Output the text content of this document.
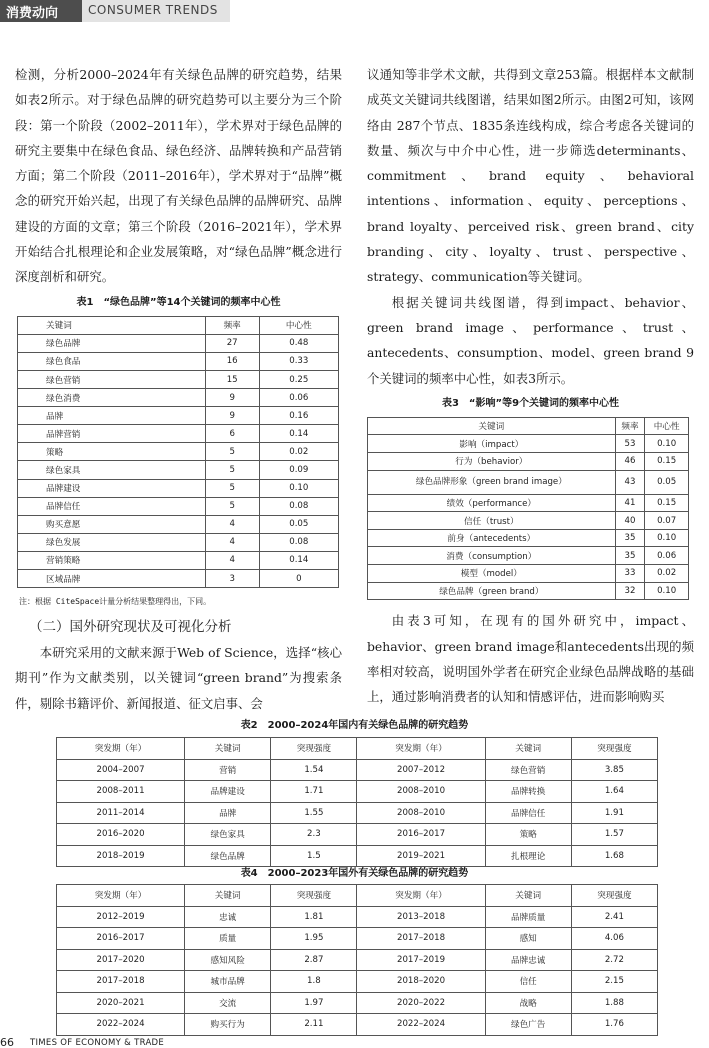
消费动向	CONSUMER TRENDS

检测，分析2000–2024年有关绿色品牌的研究趋势，结果如表2所示。对于绿色品牌的研究趋势可以主要分为三个阶段：第一个阶段（2002–2011年），学术界对于绿色品牌的研究主要集中在绿色食品、绿色经济、品牌转换和产品营销方面；第二个阶段（2011–2016年），学术界对于“品牌”概念的研究开始兴起，出现了有关绿色品牌的品牌研究、品牌建设的方面的文章；第三个阶段（2016–2021年），学术界开始结合扎根理论和企业发展策略，对“绿色品牌”概念进行深度剖析和研究。

表1　“绿色品牌”等14个关键词的频率中心性
关键词	频率	中心性
绿色品牌	27	0.48
绿色食品	16	0.33
绿色营销	15	0.25
绿色消费	9	0.06
品牌	9	0.16
品牌营销	6	0.14
策略	5	0.02
绿色家具	5	0.09
品牌建设	5	0.10
品牌信任	5	0.08
购买意愿	4	0.05
绿色发展	4	0.08
营销策略	4	0.14
区域品牌	3	0
注：根据 CiteSpace计量分析结果整理得出，下同。
（二）国外研究现状及可视化分析

本研究采用的文献来源于Web of Science，选择“核心期刊”作为文献类别，以关键词“green brand”为搜索条件，剔除书籍评价、新闻报道、征文启事、会

议通知等非学术文献，共得到文章253篇。根据样本文献制成英文关键词共线图谱，结果如图2所示。由图2可知，该网络由 287个节点、1835条连线构成，综合考虑各关键词的数量、频次与中介中心性，进一步筛选determinants、commitment、brand equity、behavioral intentions、information、equity、perceptions、brand loyalty、perceived risk、green brand、city branding、city、loyalty、trust、perspective、strategy、communication等关键词。

根据关键词共线图谱，得到impact、behavior、green brand image、performance、trust、antecedents、consumption、model、green brand 9个关键词的频率中心性，如表3所示。

表3　“影响”等9个关键词的频率中心性
关键词	频率	中心性
影响（impact）	53	0.10
行为（behavior）	46	0.15
绿色品牌形象（green brand image）	43	0.05
绩效（performance）	41	0.15
信任（trust）	40	0.07
前身（antecedents）	35	0.10
消费（consumption）	35	0.06
模型（model）	33	0.02
绿色品牌（green brand）	32	0.10

由表3可知，在现有的国外研究中，impact、behavior、green brand image和antecedents出现的频率相对较高，说明国外学者在研究企业绿色品牌战略的基础上，通过影响消费者的认知和情感评估，进而影响购买

表2　2000–2024年国内有关绿色品牌的研究趋势
突发期（年）	关键词	突现强度	突发期（年）	关键词	突现强度
2004–2007	营销	1.54	2007–2012	绿色营销	3.85
2008–2011	品牌建设	1.71	2008–2010	品牌转换	1.64
2011–2014	品牌	1.55	2008–2010	品牌信任	1.91
2016–2020	绿色家具	2.3	2016–2017	策略	1.57
2018–2019	绿色品牌	1.5	2019–2021	扎根理论	1.68
表4　2000–2023年国外有关绿色品牌的研究趋势
突发期（年）	关键词	突现强度	突发期（年）	关键词	突现强度
2012–2019	忠诚	1.81	2013–2018	品牌质量	2.41
2016–2017	质量	1.95	2017–2018	感知	4.06
2017–2020	感知风险	2.87	2017–2019	品牌忠诚	2.72
2017–2018	城市品牌	1.8	2018–2020	信任	2.15
2020–2021	交流	1.97	2020–2022	战略	1.88
2022–2024	购买行为	2.11	2022–2024	绿色广告	1.76
66 TIMES OF ECONOMY & TRADE
